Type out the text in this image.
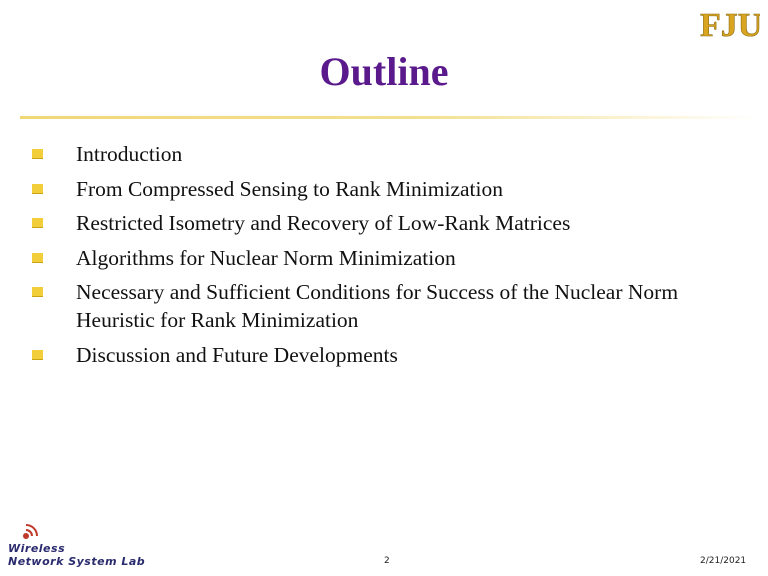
FJU
Outline
Introduction
From Compressed Sensing to Rank Minimization
Restricted Isometry and Recovery of Low-Rank Matrices
Algorithms for Nuclear Norm Minimization
Necessary and Sufficient Conditions for Success of the Nuclear Norm Heuristic for Rank Minimization
Discussion and Future Developments
Wireless
Network System Lab	2	2/21/2021
